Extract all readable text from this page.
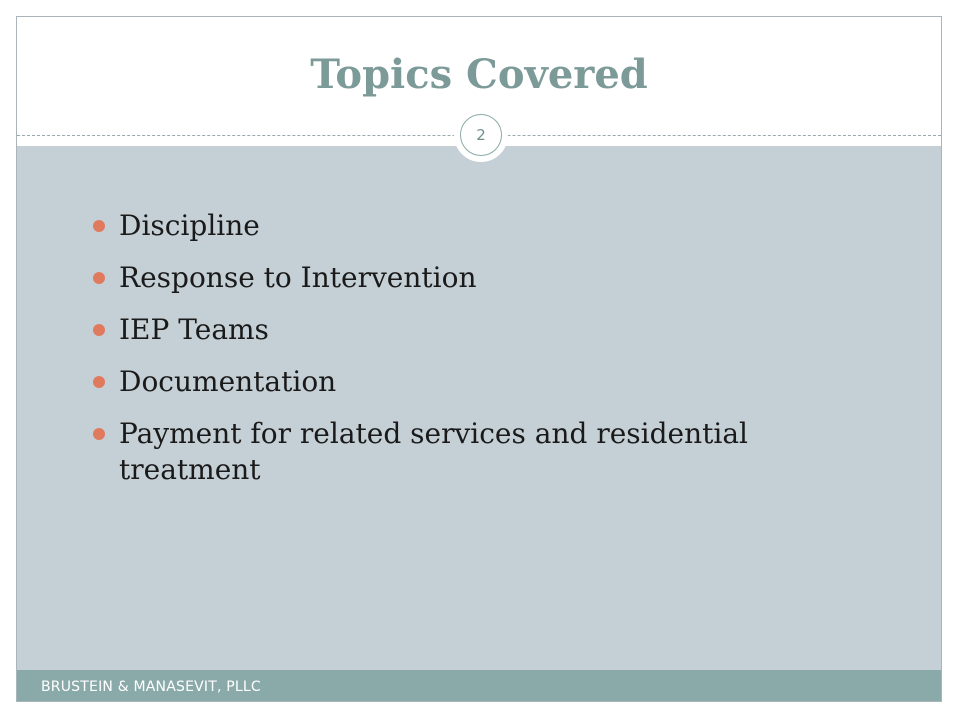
Topics Covered
Discipline
Response to Intervention
IEP Teams
Documentation
Payment for related services and residential treatment
2
BRUSTEIN & MANASEVIT, PLLC
